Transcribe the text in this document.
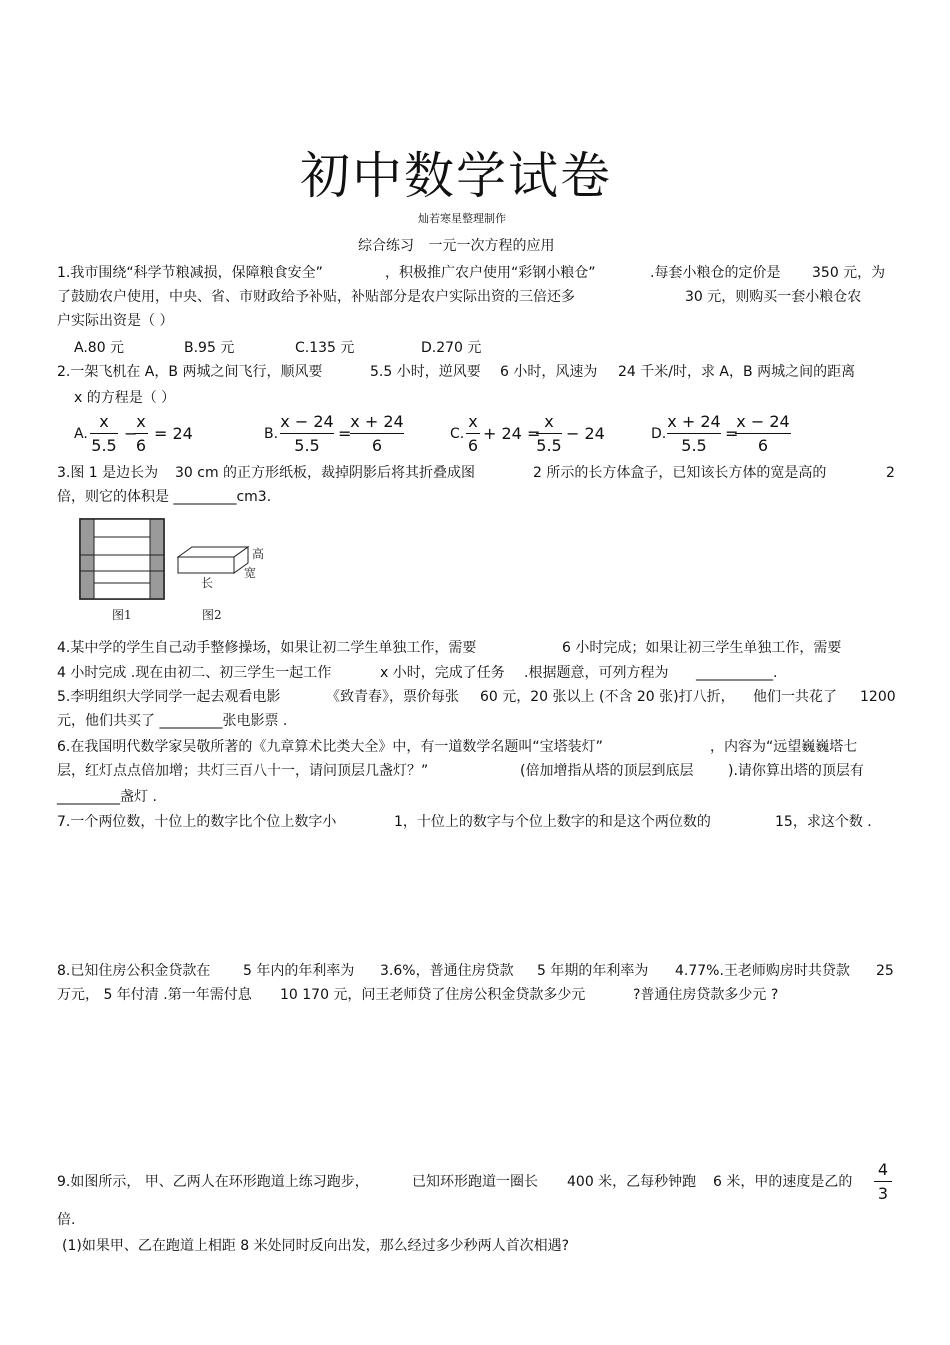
初中数学试卷
灿若寒星整理制作
综合练习 一元一次方程的应用
1.我市围绕“科学节粮减损，保障粮食安全”	，积极推广农户使用“彩钢小粮仓”	.每套小粮仓的定价是 350 元，为
了鼓励农户使用，中央、省、市财政给予补贴，补贴部分是农户实际出资的三倍还多	30 元，则购买一套小粮仓农
户实际出资是（ ）
A.80 元	B.95 元	C.135 元	D.270 元
2.一架飞机在 A，B 两城之间飞行，顺风要	5.5 小时，逆风要 6 小时，风速为 24 千米/时，求 A，B 两城之间的距离
x 的方程是（ ）
A.
x
5.5
−
x
6
= 24	B.
x − 24
5.5
=
x + 24
6
C.
x
6
+ 24 =
x
5.5
− 24	D.
x + 24
5.5
=
x − 24
6
3.图 1 是边长为 30 cm 的正方形纸板，裁掉阴影后将其折叠成图	2 所示的长方体盒子，已知该长方体的宽是高的	2
倍，则它的体积是 _________cm3.
图1
高
宽
长
图2
4.某中学的学生自己动手整修操场，如果让初二学生单独工作，需要	6 小时完成；如果让初三学生单独工作，需要
4 小时完成 .现在由初二、初三学生一起工作	x 小时，完成了任务 .根据题意，可列方程为 ___________.
5.李明组织大学同学一起去观看电影	《致青春》，票价每张 60 元，20 张以上 (不含 20 张)打八折， 他们一共花了 1200
元，他们共买了 _________张电影票 .
6.在我国明代数学家吴敬所著的《九章算术比类大全》中，有一道数学名题叫“宝塔装灯”	，内容为“远望巍巍塔七
层，红灯点点倍加增；共灯三百八十一，请问顶层几盏灯？”	(倍加增指从塔的顶层到底层 ).请你算出塔的顶层有
_________盏灯 .
7.一个两位数，十位上的数字比个位上数字小	1，十位上的数字与个位上数字的和是这个两位数的	15，求这个数 .
8.已知住房公积金贷款在 5 年内的年利率为 3.6%，普通住房贷款 5 年期的年利率为 4.77%.王老师购房时共贷款 25
万元， 5 年付清 .第一年需付息 10 170 元，问王老师贷了住房公积金贷款多少元	?普通住房贷款多少元 ?
9.如图所示， 甲、乙两人在环形跑道上练习跑步，	已知环形跑道一圈长 400 米，乙每秒钟跑 6 米，甲的速度是乙的
4
3
倍.
(1)如果甲、乙在跑道上相距 8 米处同时反向出发，那么经过多少秒两人首次相遇?
